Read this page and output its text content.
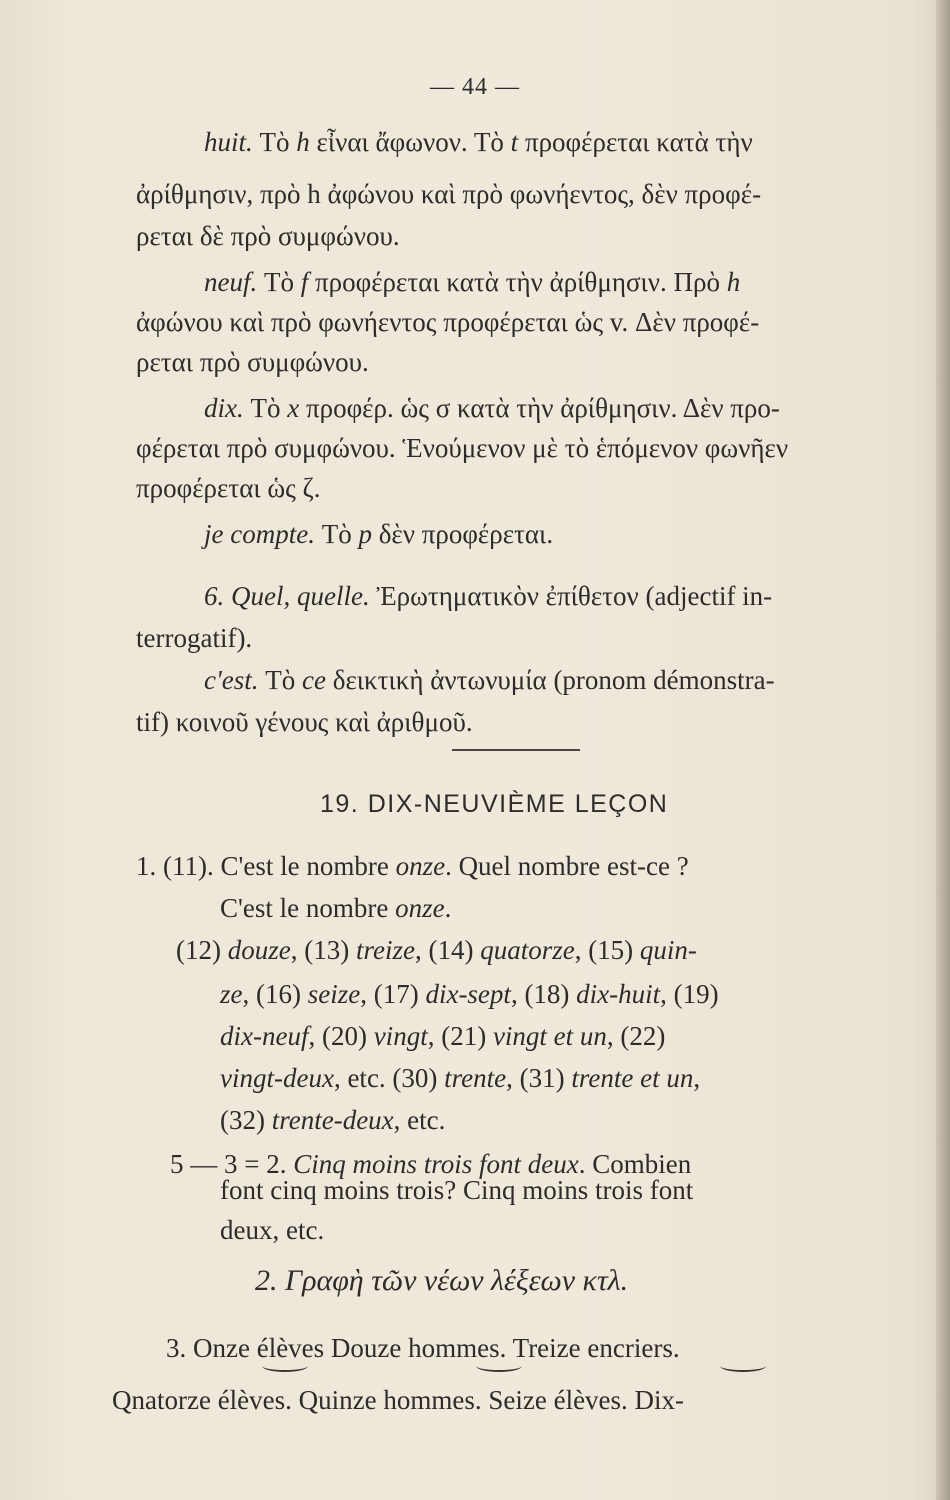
— 44 —
huit. Τὸ h εἶναι ἄφωνον. Τὸ t προφέρεται κατὰ τὴν
ἀρίθμησιν, πρὸ h ἀφώνου καὶ πρὸ φωνήεντος, δὲν προφέ-
ρεται δὲ πρὸ συμφώνου.
neuf. Τὸ f προφέρεται κατὰ τὴν ἀρίθμησιν. Πρὸ h
ἀφώνου καὶ πρὸ φωνήεντος προφέρεται ὡς v. Δὲν προφέ-
ρεται πρὸ συμφώνου.
dix. Τὸ x προφέρ. ὡς σ κατὰ τὴν ἀρίθμησιν. Δὲν προ-
φέρεται πρὸ συμφώνου. Ἑνούμενον μὲ τὸ ἑπόμενον φωνῆεν
προφέρεται ὡς ζ.
je compte. Τὸ p δὲν προφέρεται.
6. Quel, quelle. Ἐρωτηματικὸν ἐπίθετον (adjectif in-
terrogatif).
c'est. Τὸ ce δεικτικὴ ἀντωνυμία (pronom démonstra-
tif) κοινοῦ γένους καὶ ἀριθμοῦ.
19. DIX-NEUVIÈME LEÇON
1. (11). C'est le nombre onze. Quel nombre est-ce ?
C'est le nombre onze.
(12) douze, (13) treize, (14) quatorze, (15) quin-
ze, (16) seize, (17) dix-sept, (18) dix-huit, (19)
dix-neuf, (20) vingt, (21) vingt et un, (22)
vingt-deux, etc. (30) trente, (31) trente et un,
(32) trente-deux, etc.
5 — 3 = 2. Cinq moins trois font deux. Combien
font cinq moins trois? Cinq moins trois font
deux, etc.
2. Γραφὴ τῶν νέων λέξεων κτλ.
3. Onze élèves Douze hommes. Treize encriers.
Qnatorze élèves. Quinze hommes. Seize élèves. Dix-
